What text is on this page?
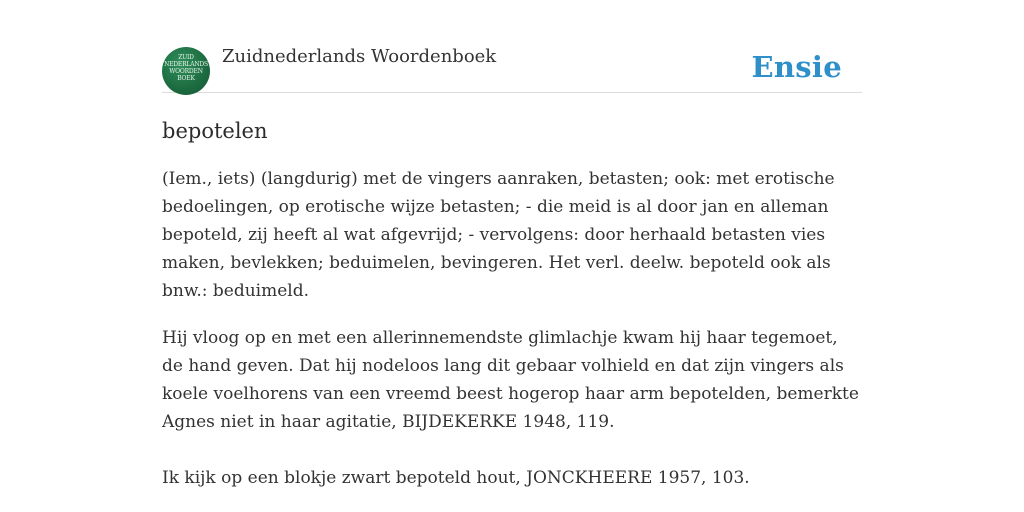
ZUID
NEDERLANDS
WOORDEN
BOEK
Zuidnederlands Woordenboek	Ensie
bepotelen
(Iem., iets) (langdurig) met de vingers aanraken, betasten; ook: met erotische bedoelingen, op erotische wijze betasten; - die meid is al door jan en alleman bepoteld, zij heeft al wat afgevrijd; - vervolgens: door herhaald betasten vies maken, bevlekken; beduimelen, bevingeren. Het verl. deelw. bepoteld ook als bnw.: beduimeld.
Hij vloog op en met een allerinnemendste glimlachje kwam hij haar tegemoet, de hand geven. Dat hij nodeloos lang dit gebaar volhield en dat zijn vingers als koele voelhorens van een vreemd beest hogerop haar arm bepotelden, bemerkte Agnes niet in haar agitatie, BIJDEKERKE 1948, 119.
Ik kijk op een blokje zwart bepoteld hout, JONCKHEERE 1957, 103.
